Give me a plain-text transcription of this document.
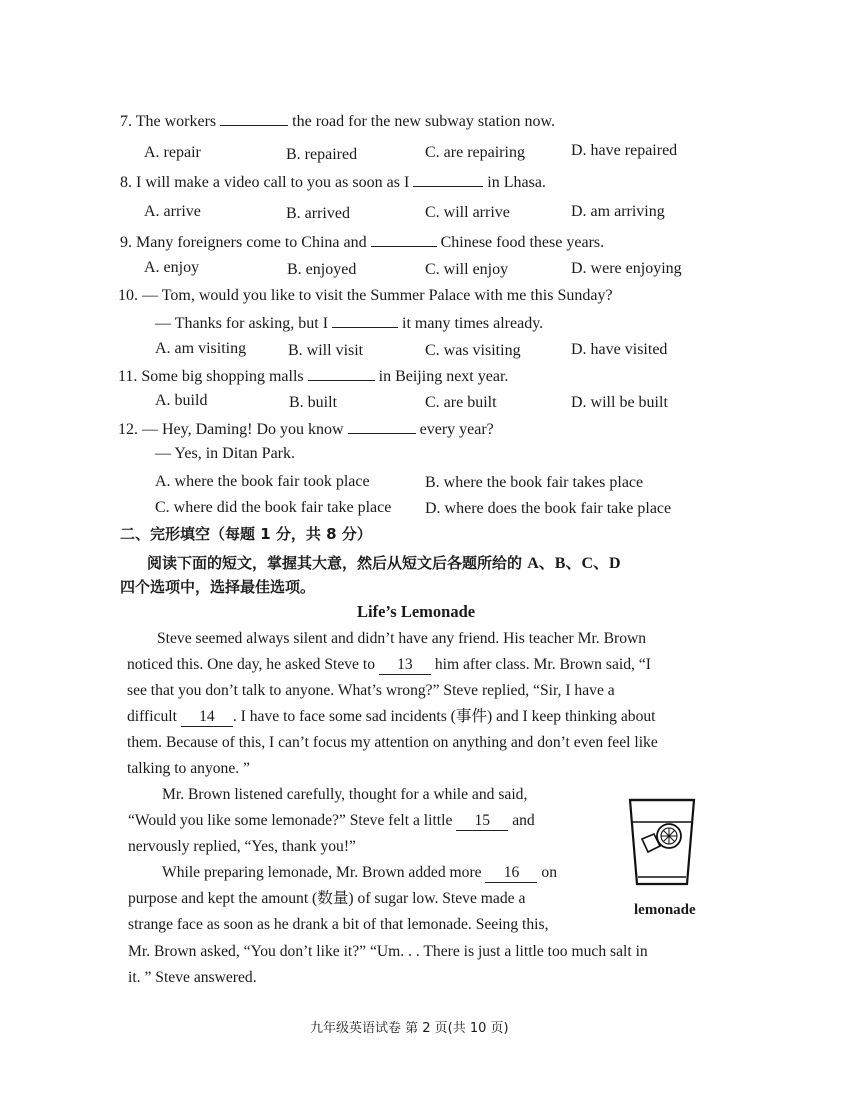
7. The workers	the road for the new subway station now.
A. repair	B. repaired	C. are repairing	D. have repaired
8. I will make a video call to you as soon as I	in Lhasa.
A. arrive	B. arrived	C. will arrive	D. am arriving
9. Many foreigners come to China and	Chinese food these years.
A. enjoy	B. enjoyed	C. will enjoy	D. were enjoying
10. — Tom, would you like to visit the Summer Palace with me this Sunday?
— Thanks for asking, but I	it many times already.
A. am visiting	B. will visit	C. was visiting	D. have visited
11. Some big shopping malls	in Beijing next year.
A. build	B. built	C. are built	D. will be built
12. — Hey, Daming! Do you know	every year?
— Yes, in Ditan Park.
A. where the book fair took place	B. where the book fair takes place
C. where did the book fair take place D. where does the book fair take place
二、完形填空（每题 1 分，共 8 分）
阅读下面的短文，掌握其大意，然后从短文后各题所给的 A、B、C、D
四个选项中，选择最佳选项。
Life’s Lemonade
Steve seemed always silent and didn’t have any friend. His teacher Mr. Brown
noticed this. One day, he asked Steve to 13 him after class. Mr. Brown said, “I
see that you don’t talk to anyone. What’s wrong?” Steve replied, “Sir, I have a
difficult 14 . I have to face some sad incidents (事件) and I keep thinking about
them. Because of this, I can’t focus my attention on anything and don’t even feel like
talking to anyone. ”
Mr. Brown listened carefully, thought for a while and said,
“Would you like some lemonade?” Steve felt a little 15 and
nervously replied, “Yes, thank you!”
While preparing lemonade, Mr. Brown added more 16 on
purpose and kept the amount (数量) of sugar low. Steve made a
strange face as soon as he drank a bit of that lemonade. Seeing this,
Mr. Brown asked, “You don’t like it?” “Um. . . There is just a little too much salt in
it. ” Steve answered.
lemonade
九年级英语试卷 第 2 页(共 10 页)
